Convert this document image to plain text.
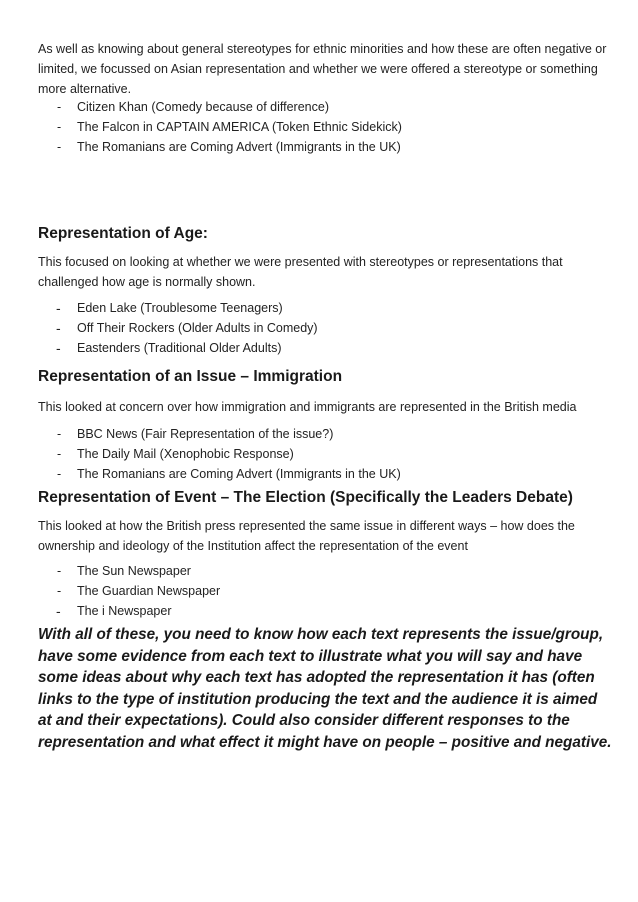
As well as knowing about general stereotypes for ethnic minorities and how these are often negative or limited, we focussed on Asian representation and whether we were offered a stereotype or something more alternative.

- Citizen Khan (Comedy because of difference)
- The Falcon in CAPTAIN AMERICA (Token Ethnic Sidekick)
- The Romanians are Coming Advert (Immigrants in the UK)
Representation of Age:

This focused on looking at whether we were presented with stereotypes or representations that challenged how age is normally shown.

- Eden Lake (Troublesome Teenagers)
- Off Their Rockers (Older Adults in Comedy)
- Eastenders (Traditional Older Adults)
Representation of an Issue – Immigration

This looked at concern over how immigration and immigrants are represented in the British media

- BBC News (Fair Representation of the issue?)
- The Daily Mail (Xenophobic Response)
- The Romanians are Coming Advert (Immigrants in the UK)
Representation of Event – The Election (Specifically the Leaders Debate)

This looked at how the British press represented the same issue in different ways – how does the ownership and ideology of the Institution affect the representation of the event

- The Sun Newspaper
- The Guardian Newspaper
- The i Newspaper

With all of these, you need to know how each text represents the issue/group, have some evidence from each text to illustrate what you will say and have some ideas about why each text has adopted the representation it has (often links to the type of institution producing the text and the audience it is aimed at and their expectations). Could also consider different responses to the representation and what effect it might have on people – positive and negative.
